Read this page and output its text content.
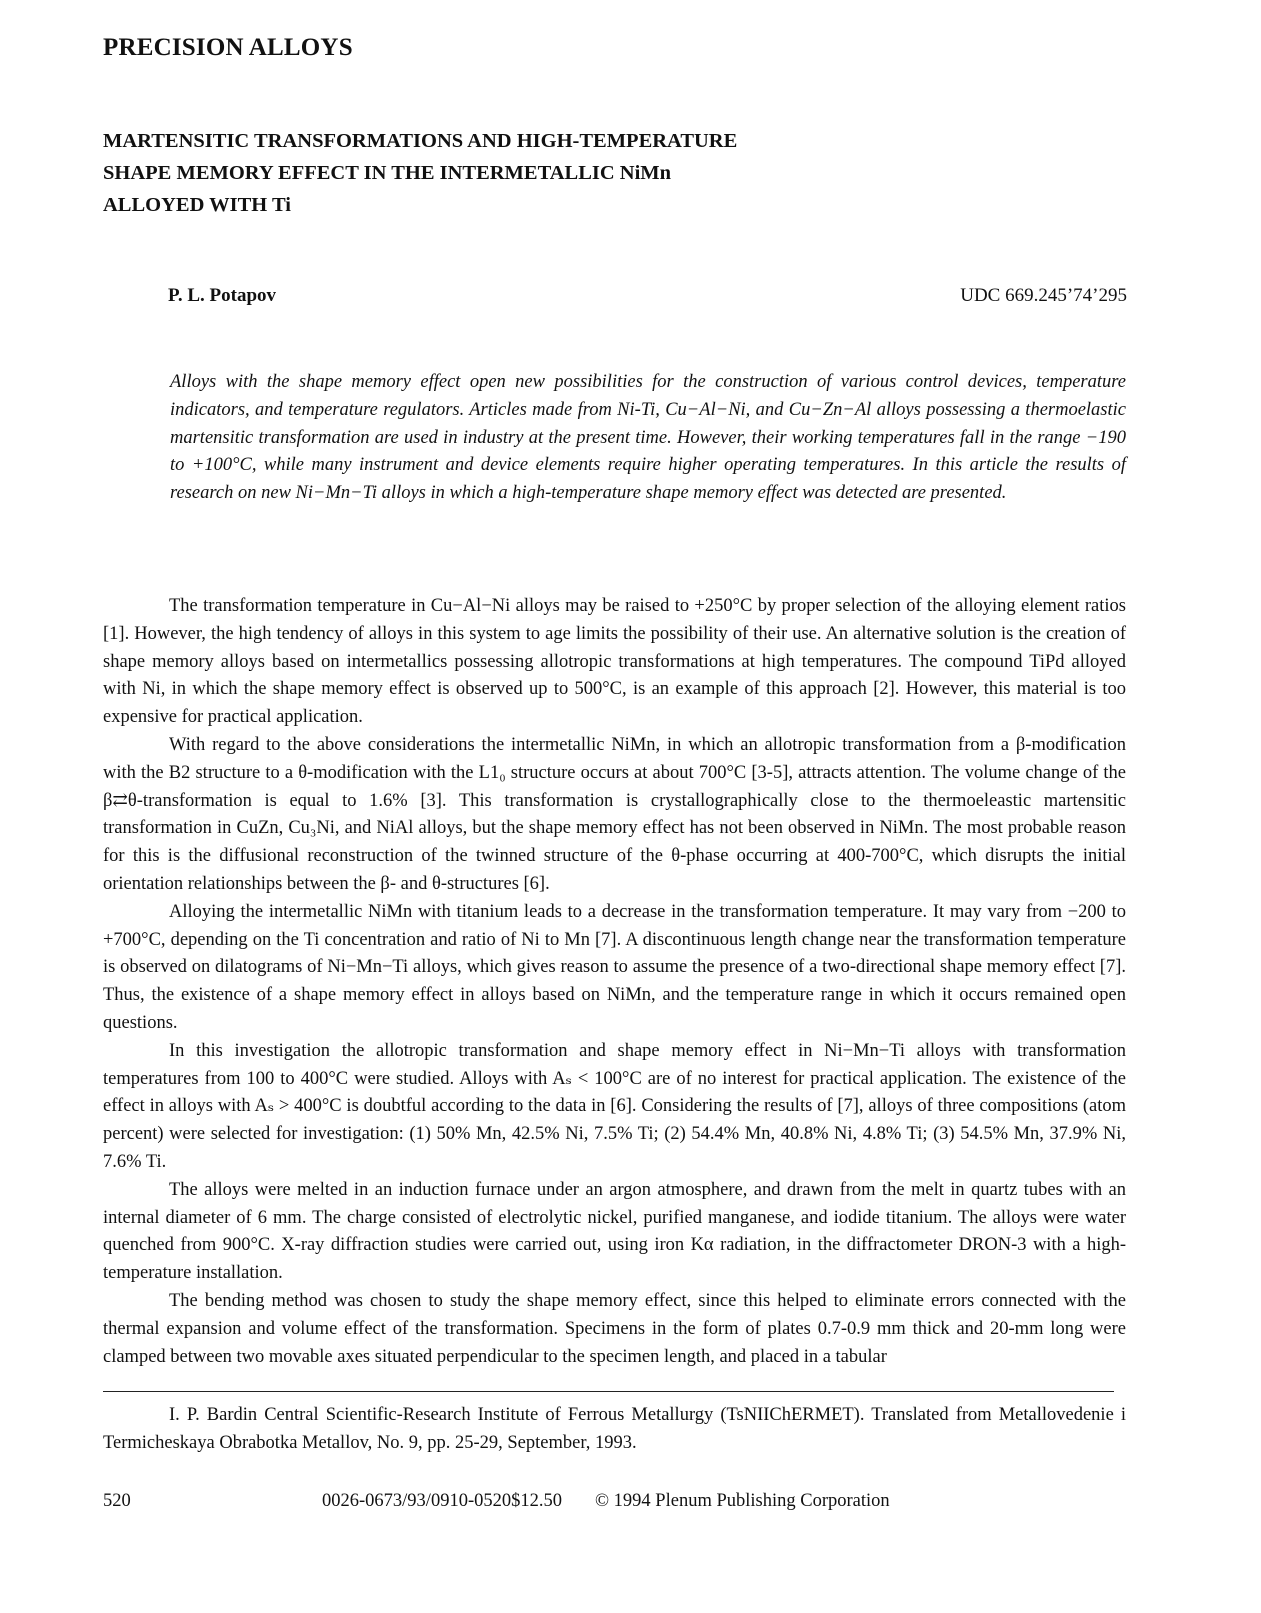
PRECISION ALLOYS
MARTENSITIC TRANSFORMATIONS AND HIGH-TEMPERATURE
SHAPE MEMORY EFFECT IN THE INTERMETALLIC NiMn
ALLOYED WITH Ti
P. L. Potapov	UDC 669.245’74’295

Alloys with the shape memory effect open new possibilities for the construction of various control devices, temperature indicators, and temperature regulators. Articles made from Ni-Ti, Cu−Al−Ni, and Cu−Zn−Al alloys possessing a thermoelastic martensitic transformation are used in industry at the present time. However, their working temperatures fall in the range −190 to +100°C, while many instrument and device elements require higher operating temperatures. In this article the results of research on new Ni−Mn−Ti alloys in which a high-temperature shape memory effect was detected are presented.

The transformation temperature in Cu−Al−Ni alloys may be raised to +250°C by proper selection of the alloying element ratios [1]. However, the high tendency of alloys in this system to age limits the possibility of their use. An alternative solution is the creation of shape memory alloys based on intermetallics possessing allotropic transformations at high temperatures. The compound TiPd alloyed with Ni, in which the shape memory effect is observed up to 500°C, is an example of this approach [2]. However, this material is too expensive for practical application.

With regard to the above considerations the intermetallic NiMn, in which an allotropic transformation from a β-modification with the B2 structure to a θ-modification with the L1₀ structure occurs at about 700°C [3-5], attracts attention. The volume change of the β⇄θ-transformation is equal to 1.6% [3]. This transformation is crystallographically close to the thermoeleastic martensitic transformation in CuZn, Cu₃Ni, and NiAl alloys, but the shape memory effect has not been observed in NiMn. The most probable reason for this is the diffusional reconstruction of the twinned structure of the θ-phase occurring at 400-700°C, which disrupts the initial orientation relationships between the β- and θ-structures [6].

Alloying the intermetallic NiMn with titanium leads to a decrease in the transformation temperature. It may vary from −200 to +700°C, depending on the Ti concentration and ratio of Ni to Mn [7]. A discontinuous length change near the transformation temperature is observed on dilatograms of Ni−Mn−Ti alloys, which gives reason to assume the presence of a two-directional shape memory effect [7]. Thus, the existence of a shape memory effect in alloys based on NiMn, and the temperature range in which it occurs remained open questions.

In this investigation the allotropic transformation and shape memory effect in Ni−Mn−Ti alloys with transformation temperatures from 100 to 400°C were studied. Alloys with Aₛ < 100°C are of no interest for practical application. The existence of the effect in alloys with Aₛ > 400°C is doubtful according to the data in [6]. Considering the results of [7], alloys of three compositions (atom percent) were selected for investigation: (1) 50% Mn, 42.5% Ni, 7.5% Ti; (2) 54.4% Mn, 40.8% Ni, 4.8% Ti; (3) 54.5% Mn, 37.9% Ni, 7.6% Ti.

The alloys were melted in an induction furnace under an argon atmosphere, and drawn from the melt in quartz tubes with an internal diameter of 6 mm. The charge consisted of electrolytic nickel, purified manganese, and iodide titanium. The alloys were water quenched from 900°C. X-ray diffraction studies were carried out, using iron Kα radiation, in the diffractometer DRON-3 with a high-temperature installation.

The bending method was chosen to study the shape memory effect, since this helped to eliminate errors connected with the thermal expansion and volume effect of the transformation. Specimens in the form of plates 0.7-0.9 mm thick and 20-mm long were clamped between two movable axes situated perpendicular to the specimen length, and placed in a tabular

I. P. Bardin Central Scientific-Research Institute of Ferrous Metallurgy (TsNIIChERMET). Translated from Metallovedenie i Termicheskaya Obrabotka Metallov, No. 9, pp. 25-29, September, 1993.

520	0026-0673/93/0910-0520$12.50 © 1994 Plenum Publishing Corporation
